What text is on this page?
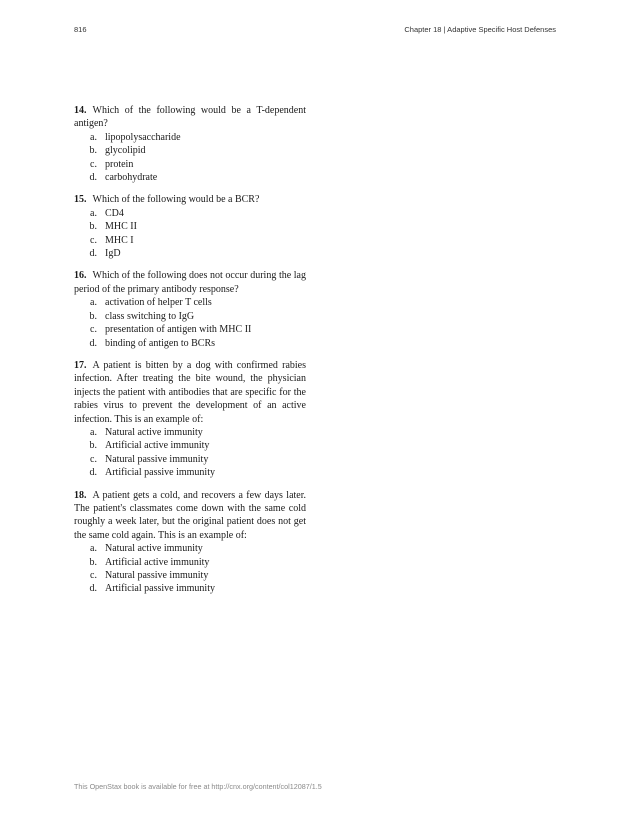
816	Chapter 18 | Adaptive Specific Host Defenses
14. Which of the following would be a T-dependent antigen?
a. lipopolysaccharide
b. glycolipid
c. protein
d. carbohydrate
15. Which of the following would be a BCR?
a. CD4
b. MHC II
c. MHC I
d. IgD
16. Which of the following does not occur during the lag period of the primary antibody response?
a. activation of helper T cells
b. class switching to IgG
c. presentation of antigen with MHC II
d. binding of antigen to BCRs
17. A patient is bitten by a dog with confirmed rabies infection. After treating the bite wound, the physician injects the patient with antibodies that are specific for the rabies virus to prevent the development of an active infection. This is an example of:
a. Natural active immunity
b. Artificial active immunity
c. Natural passive immunity
d. Artificial passive immunity
18. A patient gets a cold, and recovers a few days later. The patient's classmates come down with the same cold roughly a week later, but the original patient does not get the same cold again. This is an example of:
a. Natural active immunity
b. Artificial active immunity
c. Natural passive immunity
d. Artificial passive immunity
This OpenStax book is available for free at http://cnx.org/content/col12087/1.5
